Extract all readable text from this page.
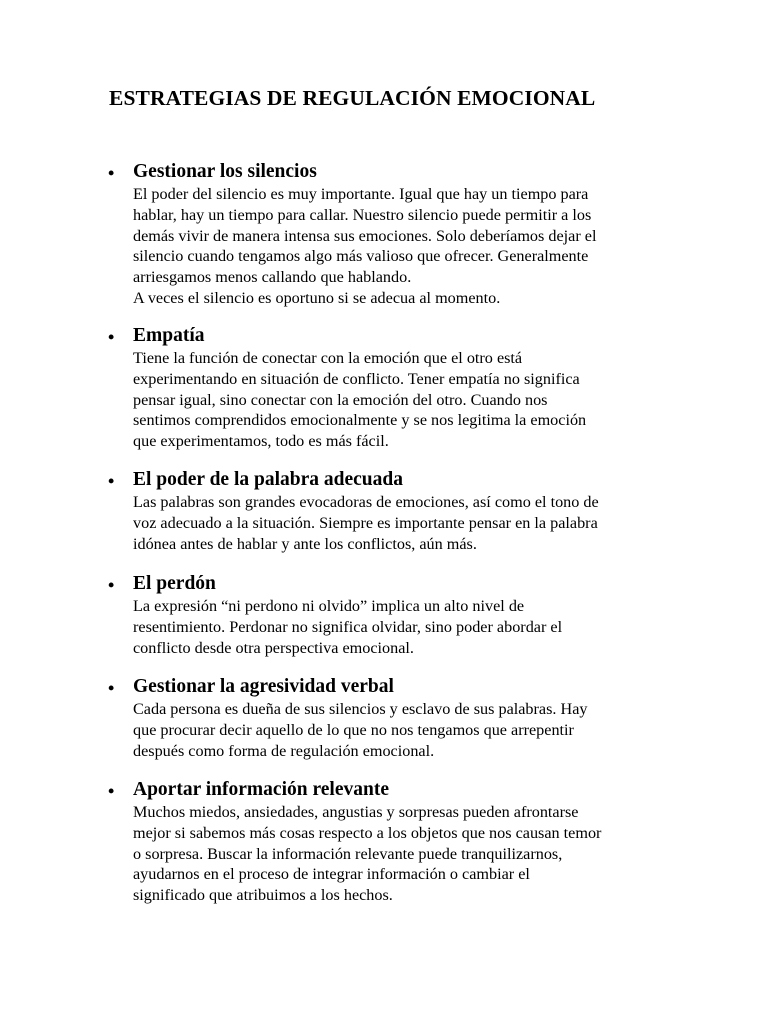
ESTRATEGIAS DE REGULACIÓN EMOCIONAL
• Gestionar los silencios

El poder del silencio es muy importante. Igual que hay un tiempo para
hablar, hay un tiempo para callar. Nuestro silencio puede permitir a los
demás vivir de manera intensa sus emociones. Solo deberíamos dejar el
silencio cuando tengamos algo más valioso que ofrecer. Generalmente
arriesgamos menos callando que hablando.
A veces el silencio es oportuno si se adecua al momento.

• Empatía

Tiene la función de conectar con la emoción que el otro está
experimentando en situación de conflicto. Tener empatía no significa
pensar igual, sino conectar con la emoción del otro. Cuando nos
sentimos comprendidos emocionalmente y se nos legitima la emoción
que experimentamos, todo es más fácil.

• El poder de la palabra adecuada

Las palabras son grandes evocadoras de emociones, así como el tono de
voz adecuado a la situación. Siempre es importante pensar en la palabra
idónea antes de hablar y ante los conflictos, aún más.

• El perdón

La expresión “ni perdono ni olvido” implica un alto nivel de
resentimiento. Perdonar no significa olvidar, sino poder abordar el
conflicto desde otra perspectiva emocional.

• Gestionar la agresividad verbal

Cada persona es dueña de sus silencios y esclavo de sus palabras. Hay
que procurar decir aquello de lo que no nos tengamos que arrepentir
después como forma de regulación emocional.

• Aportar información relevante

Muchos miedos, ansiedades, angustias y sorpresas pueden afrontarse
mejor si sabemos más cosas respecto a los objetos que nos causan temor
o sorpresa. Buscar la información relevante puede tranquilizarnos,
ayudarnos en el proceso de integrar información o cambiar el
significado que atribuimos a los hechos.
